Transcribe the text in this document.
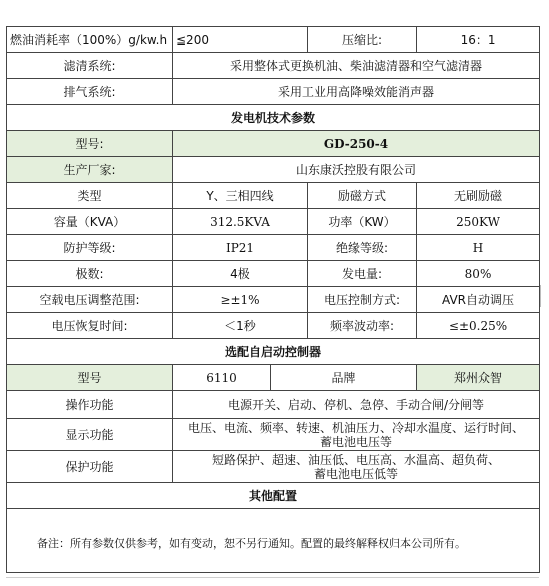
燃油消耗率（100%）g/kw.h	≦200		压缩比:	16：1
滤清系统:	采用整体式更换机油、柴油滤清器和空气滤清器			
排气系统:	采用工业用高降噪效能消声器			
发电机技术参数				
型号:	GD-250-4			
生产厂家:	山东康沃控股有限公司			
类型	Y、三相四线		励磁方式	无刷励磁
容量（KVA）	312.5KVA		功率（KW）	250KW
防护等级:	IP21		绝缘等级:	H
极数:	4极		发电量:	80%
空载电压调整范围:	≥±1%		电压控制方式:	AVR自动调压
电压恢复时间:	＜1秒		频率波动率:	≤±0.25%
选配自启动控制器				
型号	6110	品牌		郑州众智
操作功能	电源开关、启动、停机、急停、手动合闸/分闸等			
显示功能	电压、电流、频率、转速、机油压力、冷却水温度、运行时间、
蓄电池电压等			

保护功能	短路保护、超速、油压低、电压高、水温高、超负荷、
蓄电池电压低等			

其他配置				

备注：所有参数仅供参考，如有变动，恕不另行通知。配置的最终解释权归本公司所有。				
